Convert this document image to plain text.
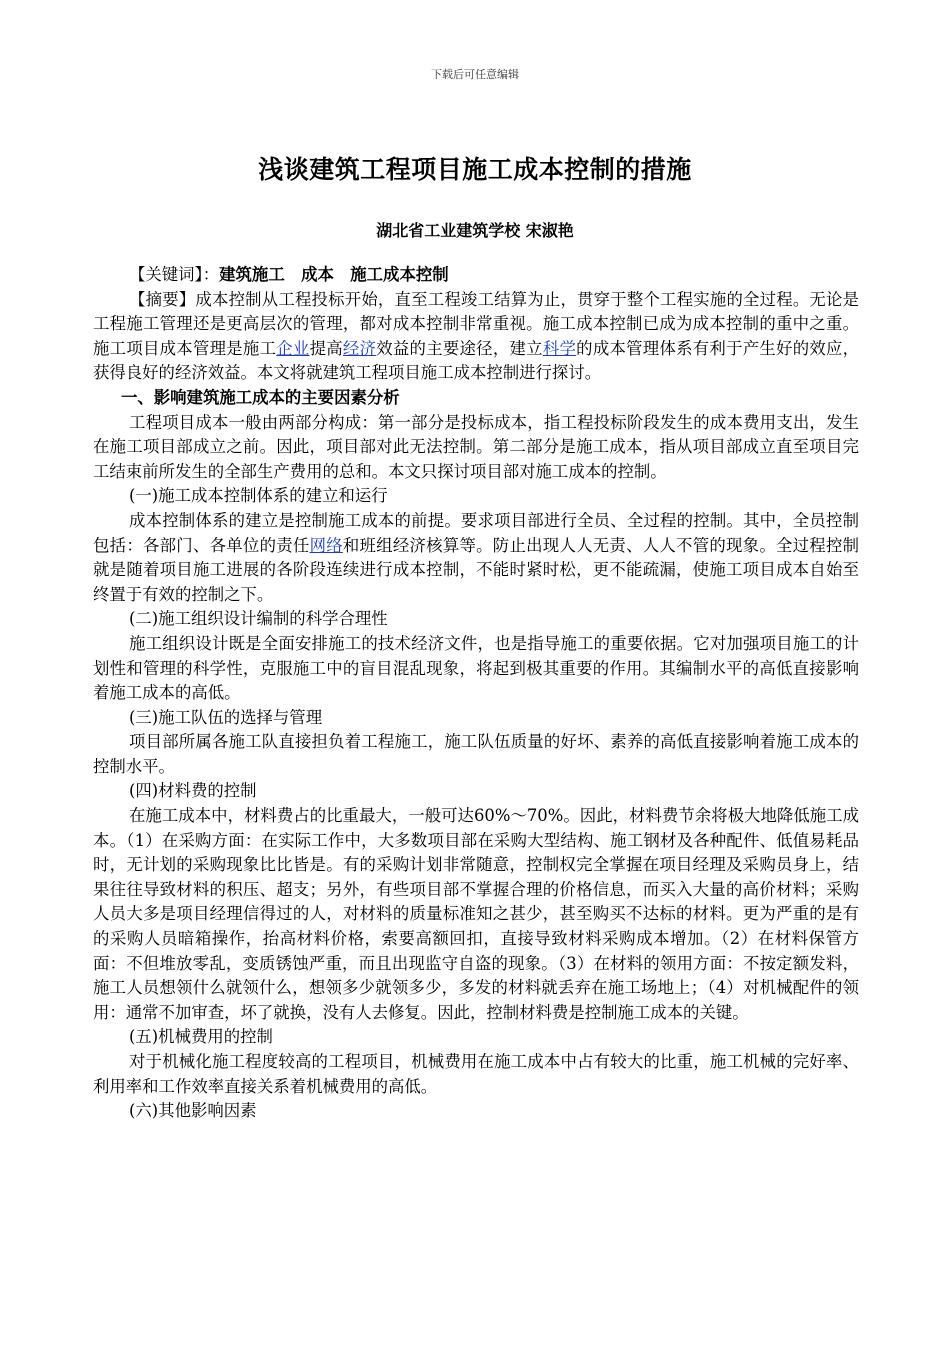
下载后可任意编辑
浅谈建筑工程项目施工成本控制的措施
湖北省工业建筑学校 宋淑艳

【关键词】：建筑施工　成本　施工成本控制

【摘要】成本控制从工程投标开始，直至工程竣工结算为止，贯穿于整个工程实施的全过程。无论是工程施工管理还是更高层次的管理，都对成本控制非常重视。施工成本控制已成为成本控制的重中之重。施工项目成本管理是施工企业提高经济效益的主要途径，建立科学的成本管理体系有利于产生好的效应，获得良好的经济效益。本文将就建筑工程项目施工成本控制进行探讨。

一、影响建筑施工成本的主要因素分析

工程项目成本一般由两部分构成：第一部分是投标成本，指工程投标阶段发生的成本费用支出，发生在施工项目部成立之前。因此，项目部对此无法控制。第二部分是施工成本，指从项目部成立直至项目完工结束前所发生的全部生产费用的总和。本文只探讨项目部对施工成本的控制。

(一)施工成本控制体系的建立和运行

成本控制体系的建立是控制施工成本的前提。要求项目部进行全员、全过程的控制。其中，全员控制包括：各部门、各单位的责任网络和班组经济核算等。防止出现人人无责、人人不管的现象。全过程控制就是随着项目施工进展的各阶段连续进行成本控制，不能时紧时松，更不能疏漏，使施工项目成本自始至终置于有效的控制之下。

(二)施工组织设计编制的科学合理性

施工组织设计既是全面安排施工的技术经济文件，也是指导施工的重要依据。它对加强项目施工的计划性和管理的科学性，克服施工中的盲目混乱现象，将起到极其重要的作用。其编制水平的高低直接影响着施工成本的高低。

(三)施工队伍的选择与管理

项目部所属各施工队直接担负着工程施工，施工队伍质量的好坏、素养的高低直接影响着施工成本的控制水平。

(四)材料费的控制

在施工成本中，材料费占的比重最大，一般可达60%～70%。因此，材料费节余将极大地降低施工成本。（1）在采购方面：在实际工作中，大多数项目部在采购大型结构、施工钢材及各种配件、低值易耗品时，无计划的采购现象比比皆是。有的采购计划非常随意，控制权完全掌握在项目经理及采购员身上，结果往往导致材料的积压、超支；另外，有些项目部不掌握合理的价格信息，而买入大量的高价材料；采购人员大多是项目经理信得过的人，对材料的质量标准知之甚少，甚至购买不达标的材料。更为严重的是有的采购人员暗箱操作，抬高材料价格，索要高额回扣，直接导致材料采购成本增加。（2）在材料保管方面：不但堆放零乱，变质锈蚀严重，而且出现监守自盗的现象。（3）在材料的领用方面：不按定额发料，施工人员想领什么就领什么，想领多少就领多少，多发的材料就丢弃在施工场地上；（4）对机械配件的领用：通常不加审查，坏了就换，没有人去修复。因此，控制材料费是控制施工成本的关键。

(五)机械费用的控制

对于机械化施工程度较高的工程项目，机械费用在施工成本中占有较大的比重，施工机械的完好率、利用率和工作效率直接关系着机械费用的高低。

(六)其他影响因素
